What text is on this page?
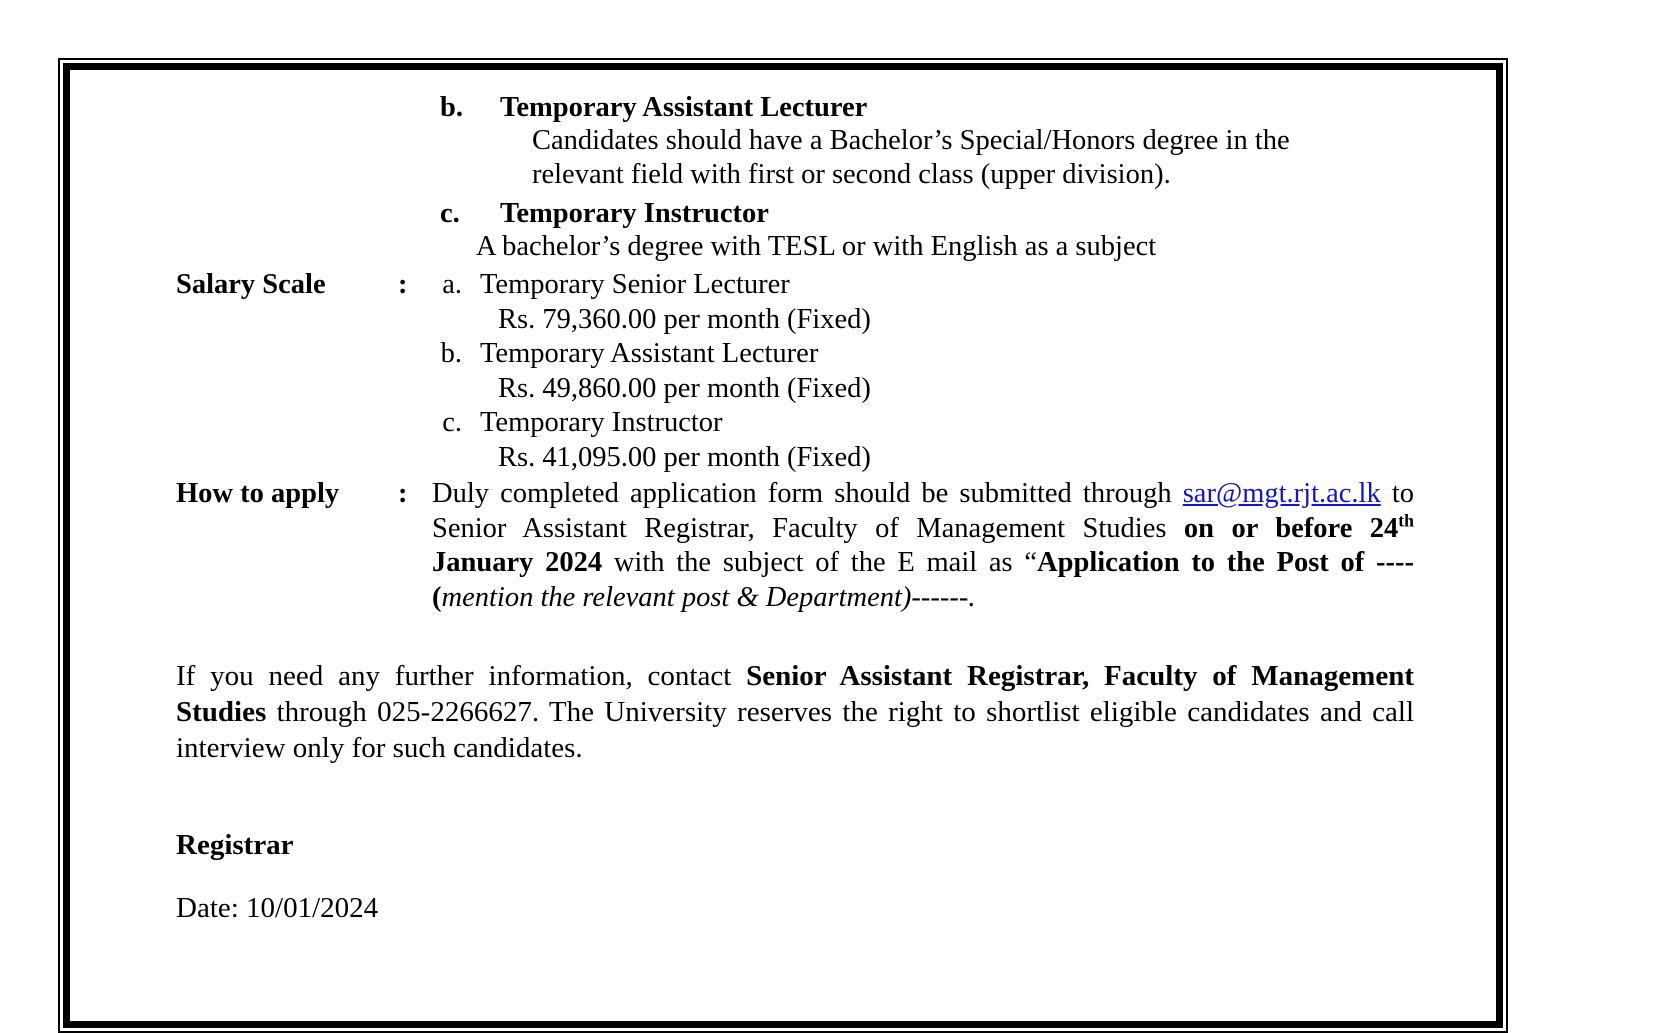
b.	Temporary Assistant Lecturer
Candidates should have a Bachelor’s Special/Honors degree in the
relevant field with first or second class (upper division).
c.	Temporary Instructor
A bachelor’s degree with TESL or with English as a subject
Salary Scale	:	a. Temporary Senior Lecturer
Rs. 79,360.00 per month (Fixed)
b. Temporary Assistant Lecturer
Rs. 49,860.00 per month (Fixed)
c. Temporary Instructor
Rs. 41,095.00 per month (Fixed)
How to apply	: Duly completed application form should be submitted through sar@mgt.rjt.ac.lk to Senior Assistant Registrar, Faculty of Management Studies on or before 24th January 2024 with the subject of the E mail as “Application to the Post of ---- (mention the relevant post & Department)------.
If you need any further information, contact Senior Assistant Registrar, Faculty of Management Studies through 025-2266627. The University reserves the right to shortlist eligible candidates and call interview only for such candidates.
Registrar
Date: 10/01/2024
